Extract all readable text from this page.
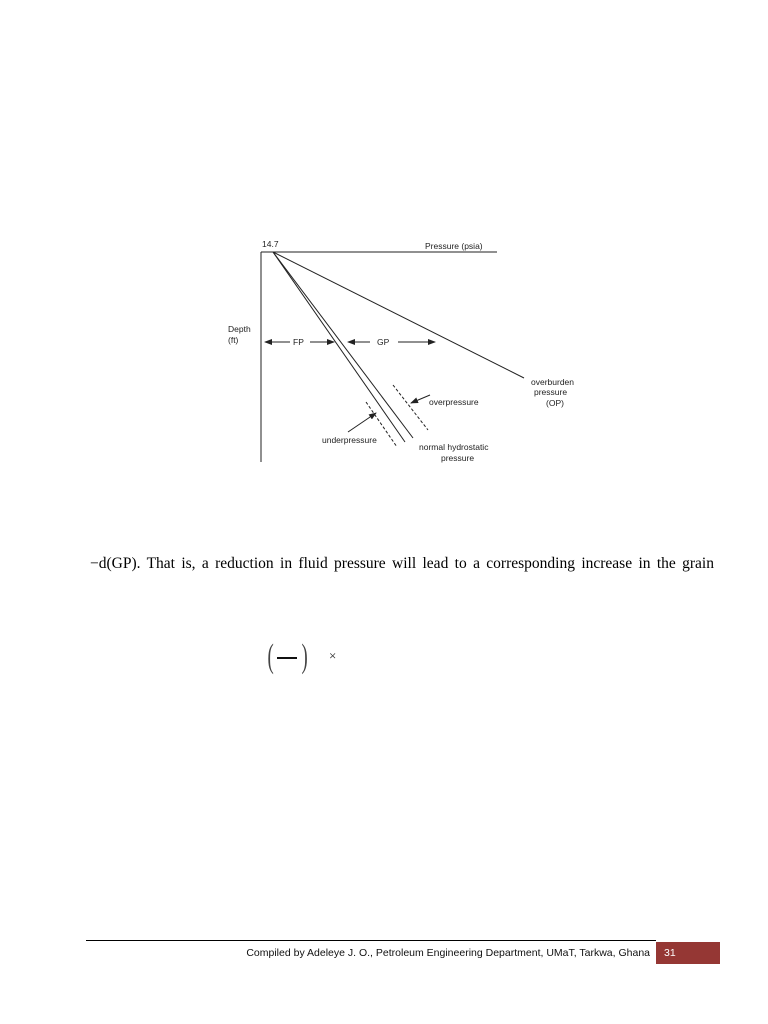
14.7	Pressure (psia)
Depth
(ft)	FP	GP
overburden
pressure
(OP)
overpressure
underpressure
normal hydrostatic
pressure
−d(GP). That is, a reduction in fluid pressure will lead to a corresponding increase in the grain
( ) ×
Compiled by Adeleye J. O., Petroleum Engineering Department, UMaT, Tarkwa, Ghana	31
